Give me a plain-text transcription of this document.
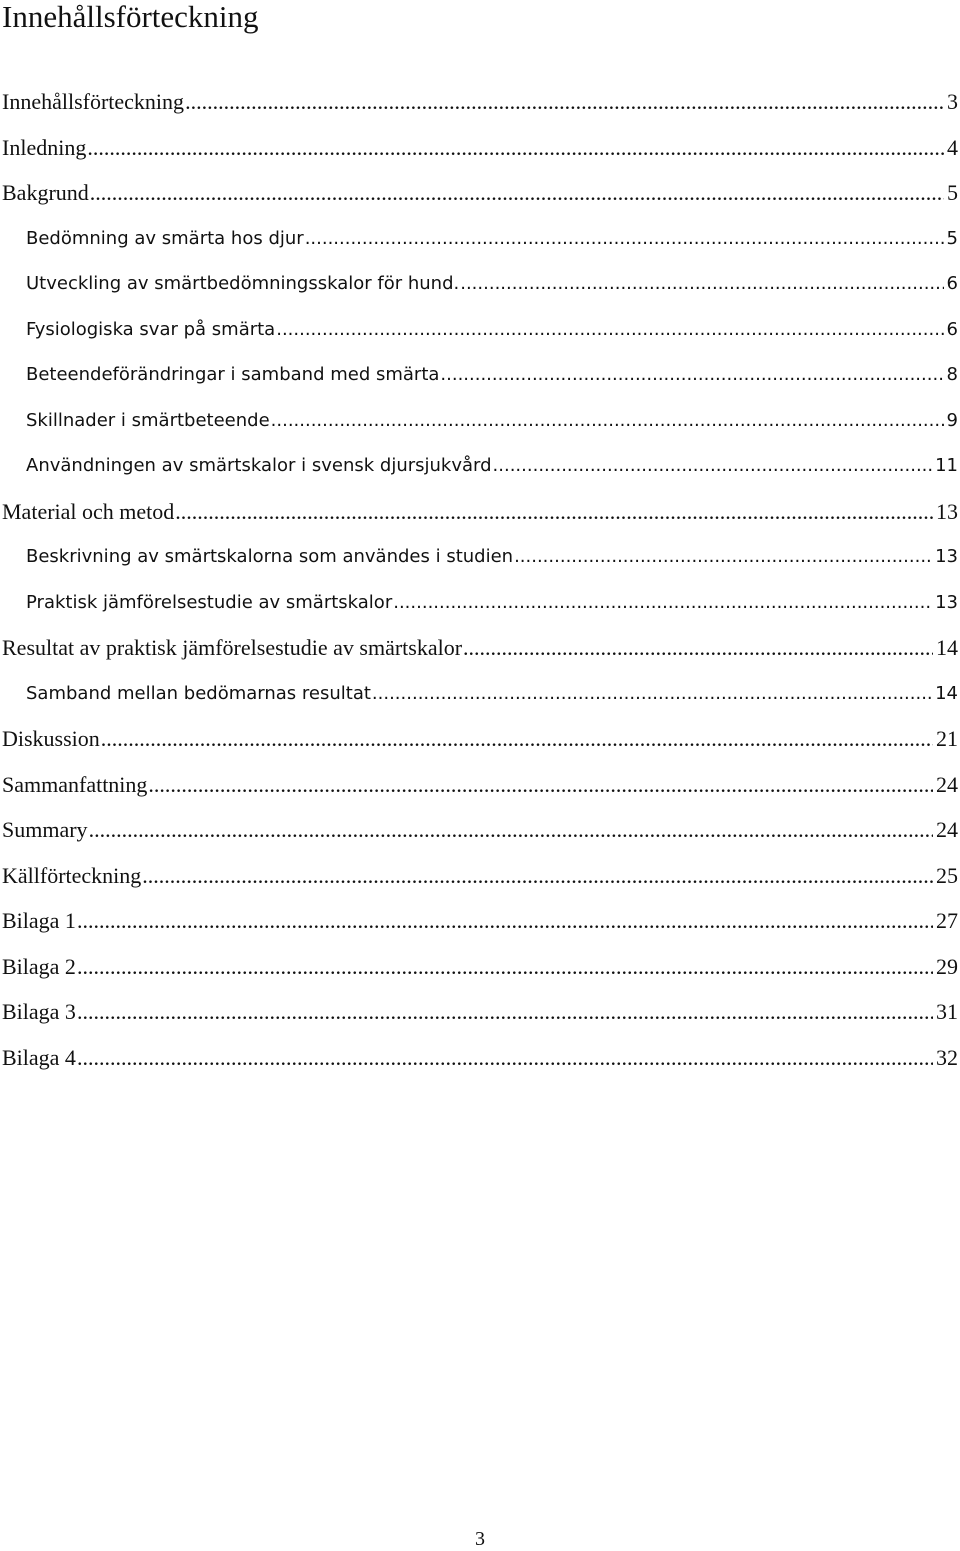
Innehållsförteckning
Innehållsförteckning .....	3
Inledning .....	4
Bakgrund .....	5
Bedömning av smärta hos djur .....	5
Utveckling av smärtbedömningsskalor för hund. .....	6
Fysiologiska svar på smärta .....	6
Beteendeförändringar i samband med smärta .....	8
Skillnader i smärtbeteende .....	9
Användningen av smärtskalor i svensk djursjukvård .....	11
Material och metod .....	13
Beskrivning av smärtskalorna som användes i studien .....	13
Praktisk jämförelsestudie av smärtskalor .....	13
Resultat av praktisk jämförelsestudie av smärtskalor .....	14
Samband mellan bedömarnas resultat .....	14
Diskussion .....	21
Sammanfattning .....	24
Summary .....	24
Källförteckning .....	25
Bilaga 1 .....	27
Bilaga 2 .....	29
Bilaga 3 .....	31
Bilaga 4 .....	32
3
